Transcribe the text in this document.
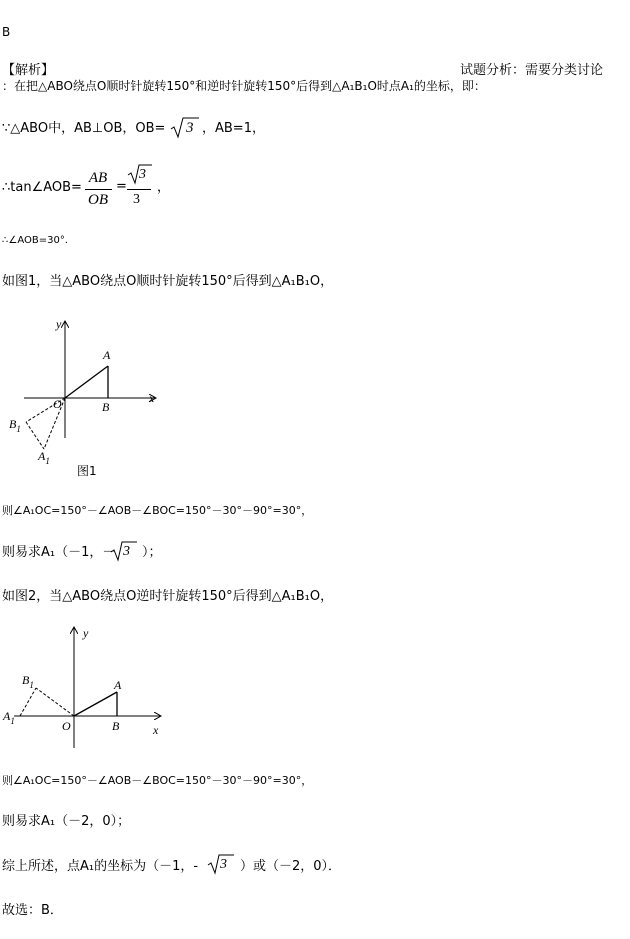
B
【解析】	试题分析：需要分类讨论
：在把△ABO绕点O顺时针旋转150°和逆时针旋转150°后得到△A₁B₁O时点A₁的坐标，即：
∵△ABO中，AB⊥OB，OB= 3 ，AB=1，
∴tan∠AOB=
AB
OB
=
3
3
，
∴∠AOB=30°．
如图1，当△ABO绕点O顺时针旋转150°后得到△A₁B₁O，
y
x
O
A
B
$B_1$
$A_1$
图1
则∠A₁OC=150°－∠AOB－∠BOC=150°－30°－90°=30°，
则易求A₁（－1，－ 3 ）；
如图2，当△ABO绕点O逆时针旋转150°后得到△A₁B₁O，
y
x
O
A
B
$B_1$
$A_1$
则∠A₁OC=150°－∠AOB－∠BOC=150°－30°－90°=30°，
则易求A₁（－2，0）；
综上所述，点A₁的坐标为（－1，- 3 ）或（－2，0）．
故选：B．
